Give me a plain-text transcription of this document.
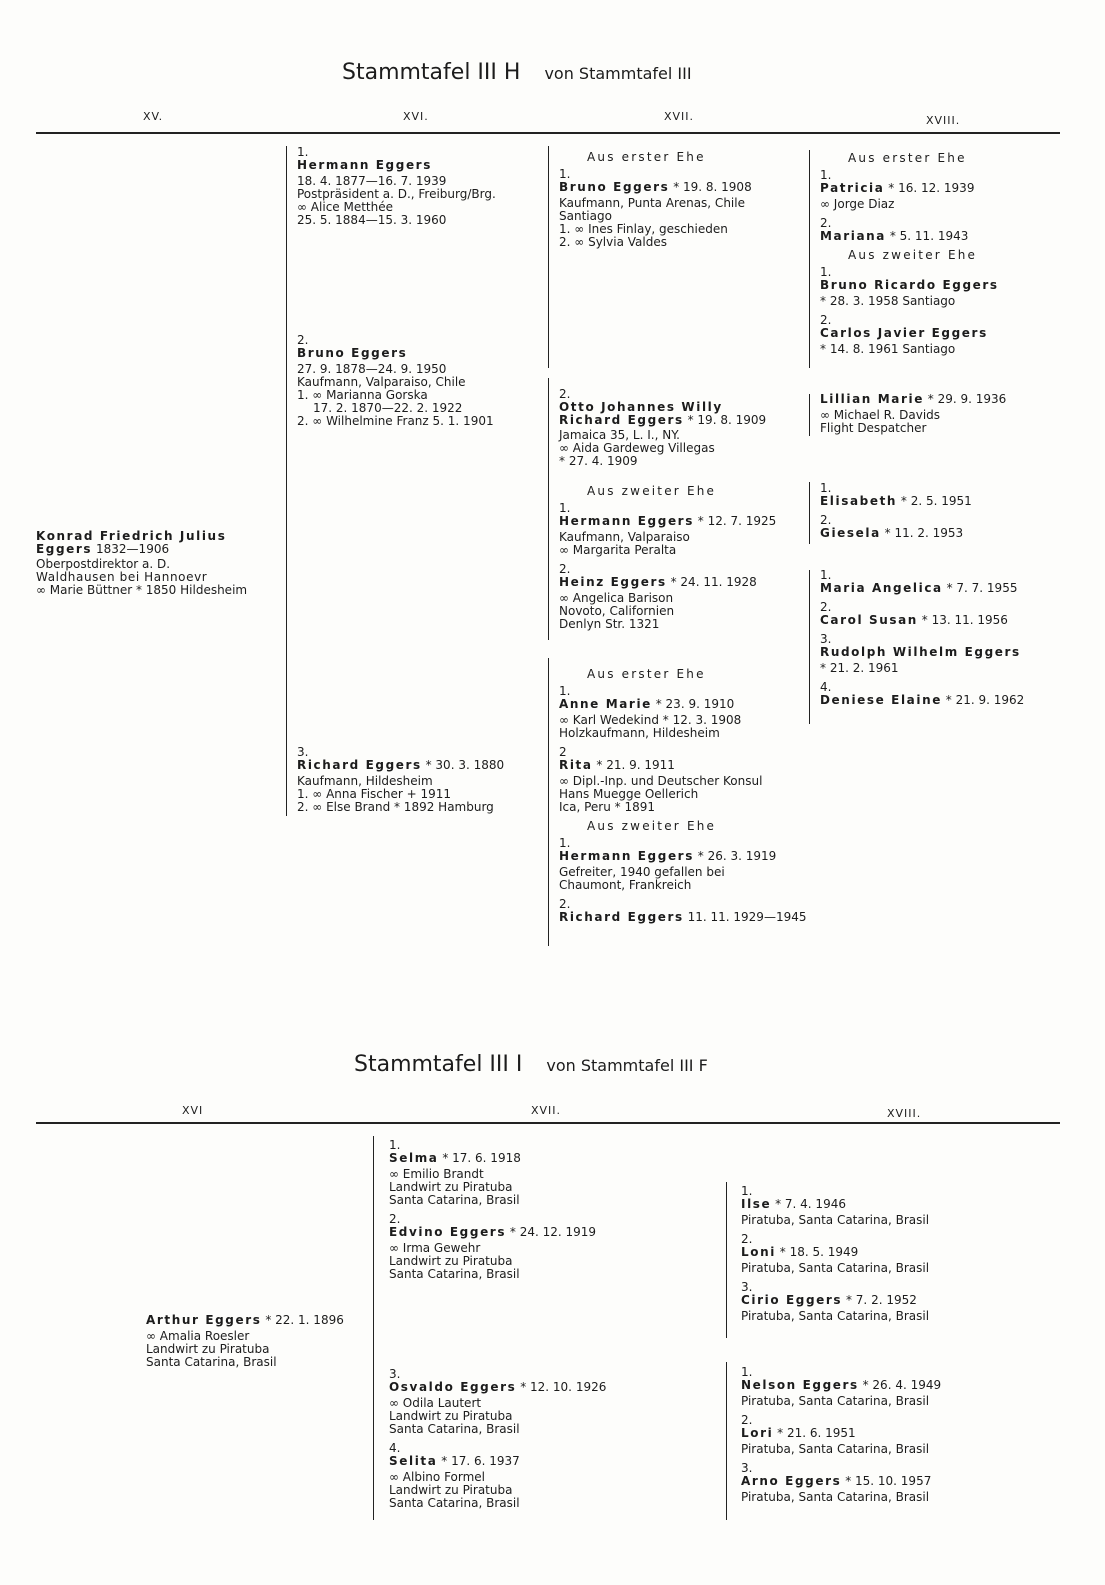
Stammtafel III H von Stammtafel III
XV.	XVI.	XVII.	XVIII.
Konrad Friedrich Julius
Eggers 1832—1906
Oberpostdirektor a. D.
Waldhausen bei Hannoevr
∞ Marie Büttner * 1850 Hildesheim
1.
Hermann Eggers
18. 4. 1877—16. 7. 1939
Postpräsident a. D., Freiburg/Brg.
∞ Alice Metthée
25. 5. 1884—15. 3. 1960
2.
Bruno Eggers
27. 9. 1878—24. 9. 1950
Kaufmann, Valparaiso, Chile
1. ∞ Marianna Gorska
17. 2. 1870—22. 2. 1922
2. ∞ Wilhelmine Franz 5. 1. 1901
3.
Richard Eggers * 30. 3. 1880
Kaufmann, Hildesheim
1. ∞ Anna Fischer + 1911
2. ∞ Else Brand * 1892 Hamburg
Aus erster Ehe
1.
Bruno Eggers * 19. 8. 1908
Kaufmann, Punta Arenas, Chile
Santiago
1. ∞ Ines Finlay, geschieden
2. ∞ Sylvia Valdes
2.
Otto Johannes Willy
Richard Eggers * 19. 8. 1909
Jamaica 35, L. I., NY.
∞ Aida Gardeweg Villegas
* 27. 4. 1909
Aus zweiter Ehe
1.
Hermann Eggers * 12. 7. 1925
Kaufmann, Valparaiso
∞ Margarita Peralta
2.
Heinz Eggers * 24. 11. 1928
∞ Angelica Barison
Novoto, Californien
Denlyn Str. 1321
Aus erster Ehe
1.
Anne Marie * 23. 9. 1910
∞ Karl Wedekind * 12. 3. 1908
Holzkaufmann, Hildesheim
2
Rita * 21. 9. 1911
∞ Dipl.-Inp. und Deutscher Konsul
Hans Muegge Oellerich
Ica, Peru * 1891
Aus zweiter Ehe
1.
Hermann Eggers * 26. 3. 1919
Gefreiter, 1940 gefallen bei
Chaumont, Frankreich
2.
Richard Eggers 11. 11. 1929—1945
Aus erster Ehe
1.
Patricia * 16. 12. 1939
∞ Jorge Diaz
2.
Mariana * 5. 11. 1943
Aus zweiter Ehe
1.
Bruno Ricardo Eggers
* 28. 3. 1958 Santiago
2.
Carlos Javier Eggers
* 14. 8. 1961 Santiago
Lillian Marie * 29. 9. 1936
∞ Michael R. Davids
Flight Despatcher
1.
Elisabeth * 2. 5. 1951
2.
Giesela * 11. 2. 1953
1.
Maria Angelica * 7. 7. 1955
2.
Carol Susan * 13. 11. 1956
3.
Rudolph Wilhelm Eggers
* 21. 2. 1961
4.
Deniese Elaine * 21. 9. 1962
Stammtafel III I von Stammtafel III F
XVI	XVII.	XVIII.
Arthur Eggers * 22. 1. 1896
∞ Amalia Roesler
Landwirt zu Piratuba
Santa Catarina, Brasil
1.
Selma * 17. 6. 1918
∞ Emilio Brandt
Landwirt zu Piratuba
Santa Catarina, Brasil
2.
Edvino Eggers * 24. 12. 1919
∞ Irma Gewehr
Landwirt zu Piratuba
Santa Catarina, Brasil
3.
Osvaldo Eggers * 12. 10. 1926
∞ Odila Lautert
Landwirt zu Piratuba
Santa Catarina, Brasil
4.
Selita * 17. 6. 1937
∞ Albino Formel
Landwirt zu Piratuba
Santa Catarina, Brasil
1.
Ilse * 7. 4. 1946
Piratuba, Santa Catarina, Brasil
2.
Loni * 18. 5. 1949
Piratuba, Santa Catarina, Brasil
3.
Cirio Eggers * 7. 2. 1952
Piratuba, Santa Catarina, Brasil
1.
Nelson Eggers * 26. 4. 1949
Piratuba, Santa Catarina, Brasil
2.
Lori * 21. 6. 1951
Piratuba, Santa Catarina, Brasil
3.
Arno Eggers * 15. 10. 1957
Piratuba, Santa Catarina, Brasil
